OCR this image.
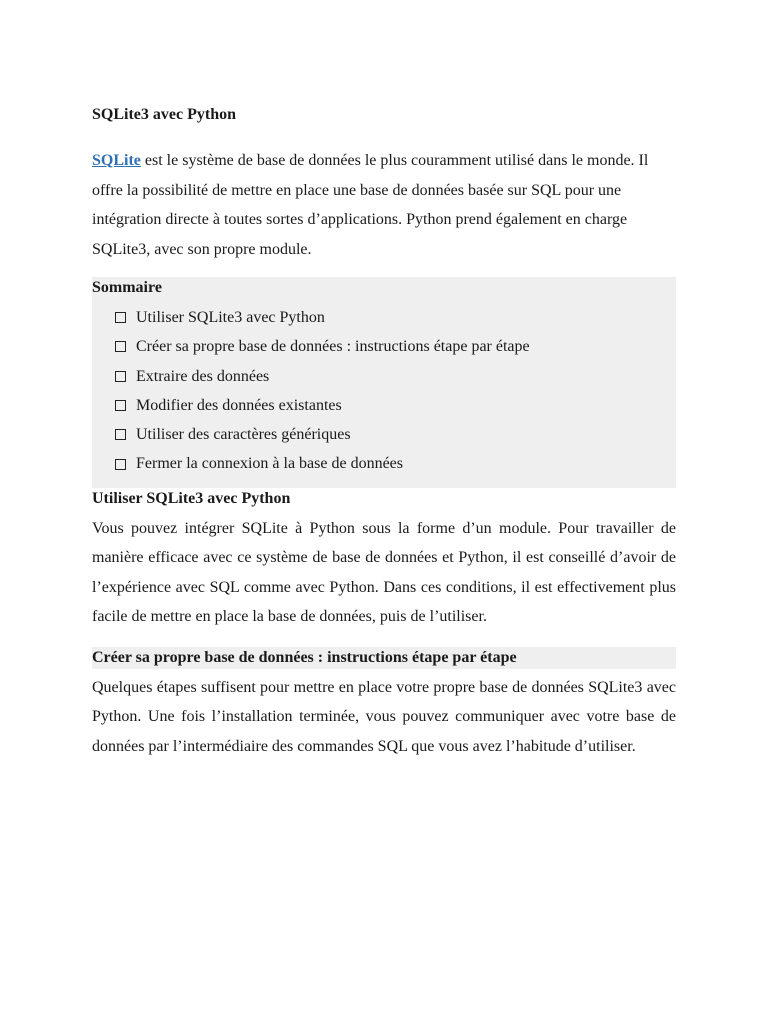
SQLite3 avec Python

SQLite est le système de base de données le plus couramment utilisé dans le monde. Il offre la possibilité de mettre en place une base de données basée sur SQL pour une intégration directe à toutes sortes d’applications. Python prend également en charge SQLite3, avec son propre module.

Sommaire

Utiliser SQLite3 avec Python
Créer sa propre base de données : instructions étape par étape
Extraire des données
Modifier des données existantes
Utiliser des caractères génériques
Fermer la connexion à la base de données

Utiliser SQLite3 avec Python

Vous pouvez intégrer SQLite à Python sous la forme d’un module. Pour travailler de manière efficace avec ce système de base de données et Python, il est conseillé d’avoir de l’expérience avec SQL comme avec Python. Dans ces conditions, il est effectivement plus facile de mettre en place la base de données, puis de l’utiliser.

Créer sa propre base de données : instructions étape par étape

Quelques étapes suffisent pour mettre en place votre propre base de données SQLite3 avec Python. Une fois l’installation terminée, vous pouvez communiquer avec votre base de données par l’intermédiaire des commandes SQL que vous avez l’habitude d’utiliser.
